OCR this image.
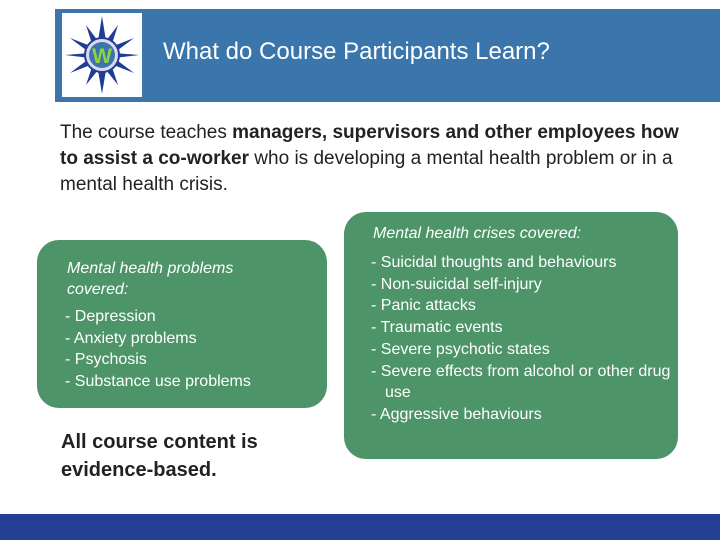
W What do Course Participants Learn?
The course teaches managers, supervisors and other employees how to assist a co-worker who is developing a mental health problem or in a mental health crisis.
Mental health problems covered:
- Depression
- Anxiety problems
- Psychosis
- Substance use problems
Mental health crises covered:
- Suicidal thoughts and behaviours
- Non-suicidal self-injury
- Panic attacks
- Traumatic events
- Severe psychotic states
- Severe effects from alcohol or other drug use
- Aggressive behaviours
All course content is evidence-based.
